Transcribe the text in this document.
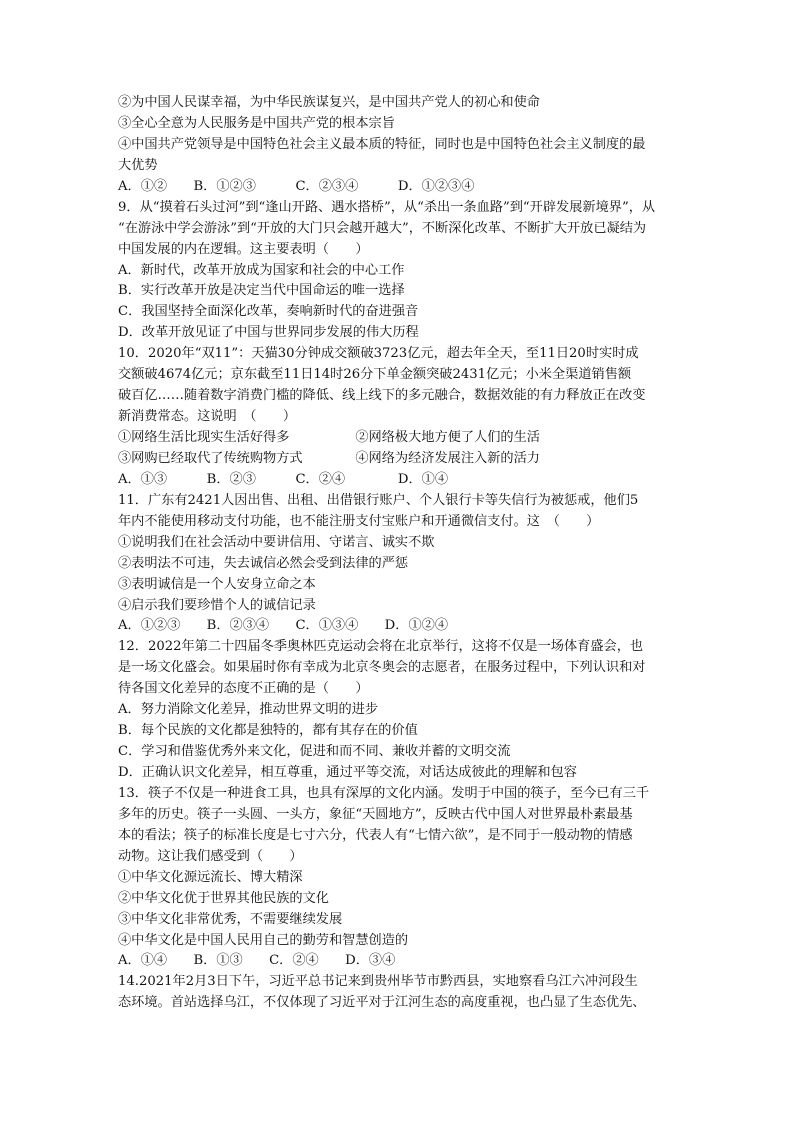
②为中国人民谋幸福，为中华民族谋复兴，是中国共产党人的初心和使命
③全心全意为人民服务是中国共产党的根本宗旨
④中国共产党领导是中国特色社会主义最本质的特征，同时也是中国特色社会主义制度的最
大优势
A．①②　　B．①②③　　　C．②③④　　　D．①②③④
9．从“摸着石头过河”到“逢山开路、遇水搭桥”，从“杀出一条血路”到“开辟发展新境界”，从
“在游泳中学会游泳”到“开放的大门只会越开越大”，不断深化改革、不断扩大开放已凝结为
中国发展的内在逻辑。这主要表明（　　）
A．新时代，改革开放成为国家和社会的中心工作
B．实行改革开放是决定当代中国命运的唯一选择
C．我国坚持全面深化改革，奏响新时代的奋进强音
D．改革开放见证了中国与世界同步发展的伟大历程
10．2020年“双11”：天猫30分钟成交额破3723亿元，超去年全天，至11日20时实时成
交额破4674亿元；京东截至11日14时26分下单金额突破2431亿元；小米全渠道销售额
破百亿……随着数字消费门槛的降低、线上线下的多元融合，数据效能的有力释放正在改变
新消费常态。这说明　（　　）
①网络生活比现实生活好得多　　　　　②网络极大地方便了人们的生活
③网购已经取代了传统购物方式　　　　④网络为经济发展注入新的活力
A．①③　　　B．②③　　　C．②④　　　　D．①④
11．广东有2421人因出售、出租、出借银行账户、个人银行卡等失信行为被惩戒，他们5
年内不能使用移动支付功能，也不能注册支付宝账户和开通微信支付。这　（　　）
①说明我们在社会活动中要讲信用、守诺言、诚实不欺
②表明法不可违，失去诚信必然会受到法律的严惩
③表明诚信是一个人安身立命之本
④启示我们要珍惜个人的诚信记录
A．①②③　　B．②③④　　C．①③④　　D．①②④
12．2022年第二十四届冬季奥林匹克运动会将在北京举行，这将不仅是一场体育盛会，也
是一场文化盛会。如果届时你有幸成为北京冬奥会的志愿者，在服务过程中，下列认识和对
待各国文化差异的态度不正确的是（　　）
A．努力消除文化差异，推动世界文明的进步
B．每个民族的文化都是独特的，都有其存在的价值
C．学习和借鉴优秀外来文化，促进和而不同、兼收并蓄的文明交流
D．正确认识文化差异，相互尊重，通过平等交流，对话达成彼此的理解和包容
13．筷子不仅是一种进食工具，也具有深厚的文化内涵。发明于中国的筷子，至今已有三千
多年的历史。筷子一头圆、一头方，象征“天圆地方”，反映古代中国人对世界最朴素最基
本的看法；筷子的标准长度是七寸六分，代表人有“七情六欲”，是不同于一般动物的情感
动物。这让我们感受到（　　）
①中华文化源远流长、博大精深
②中华文化优于世界其他民族的文化
③中华文化非常优秀，不需要继续发展
④中华文化是中国人民用自己的勤劳和智慧创造的
A．①④　　B．①③　　C．②④　　D．③④
14.2021年2月3日下午，习近平总书记来到贵州毕节市黔西县，实地察看乌江六冲河段生
态环境。首站选择乌江，不仅体现了习近平对于江河生态的高度重视，也凸显了生态优先、
